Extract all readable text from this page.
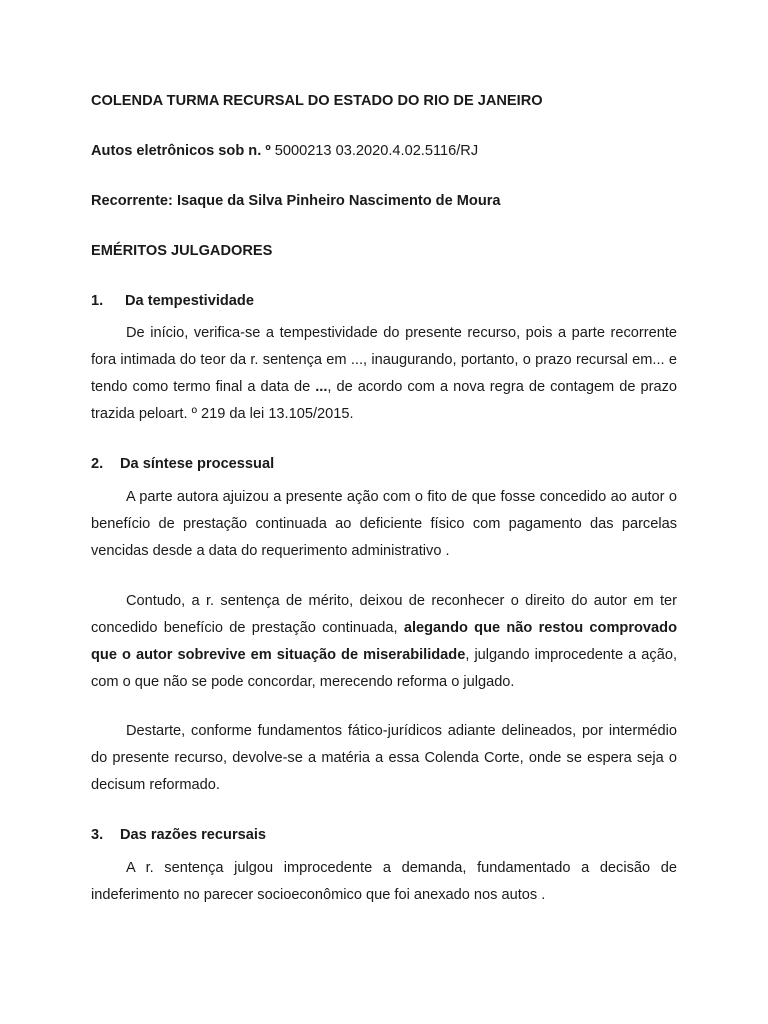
COLENDA TURMA RECURSAL DO ESTADO DO RIO DE JANEIRO

Autos eletrônicos sob n. º 5000213 03.2020.4.02.5116/RJ

Recorrente: Isaque da Silva Pinheiro Nascimento de Moura

EMÉRITOS JULGADORES

1. Da tempestividade

De início, verifica-se a tempestividade do presente recurso, pois a parte recorrente fora intimada do teor da r. sentença em ..., inaugurando, portanto, o prazo recursal em... e tendo como termo final a data de ..., de acordo com a nova regra de contagem de prazo trazida peloart. º 219 da lei 13.105/2015.

2. Da síntese processual

A parte autora ajuizou a presente ação com o fito de que fosse concedido ao autor o benefício de prestação continuada ao deficiente físico com pagamento das parcelas vencidas desde a data do requerimento administrativo .

Contudo, a r. sentença de mérito, deixou de reconhecer o direito do autor em ter concedido benefício de prestação continuada, alegando que não restou comprovado que o autor sobrevive em situação de miserabilidade, julgando improcedente a ação, com o que não se pode concordar, merecendo reforma o julgado.

Destarte, conforme fundamentos fático-jurídicos adiante delineados, por intermédio do presente recurso, devolve-se a matéria a essa Colenda Corte, onde se espera seja o decisum reformado.

3. Das razões recursais

A r. sentença julgou improcedente a demanda, fundamentado a decisão de indeferimento no parecer socioeconômico que foi anexado nos autos .
